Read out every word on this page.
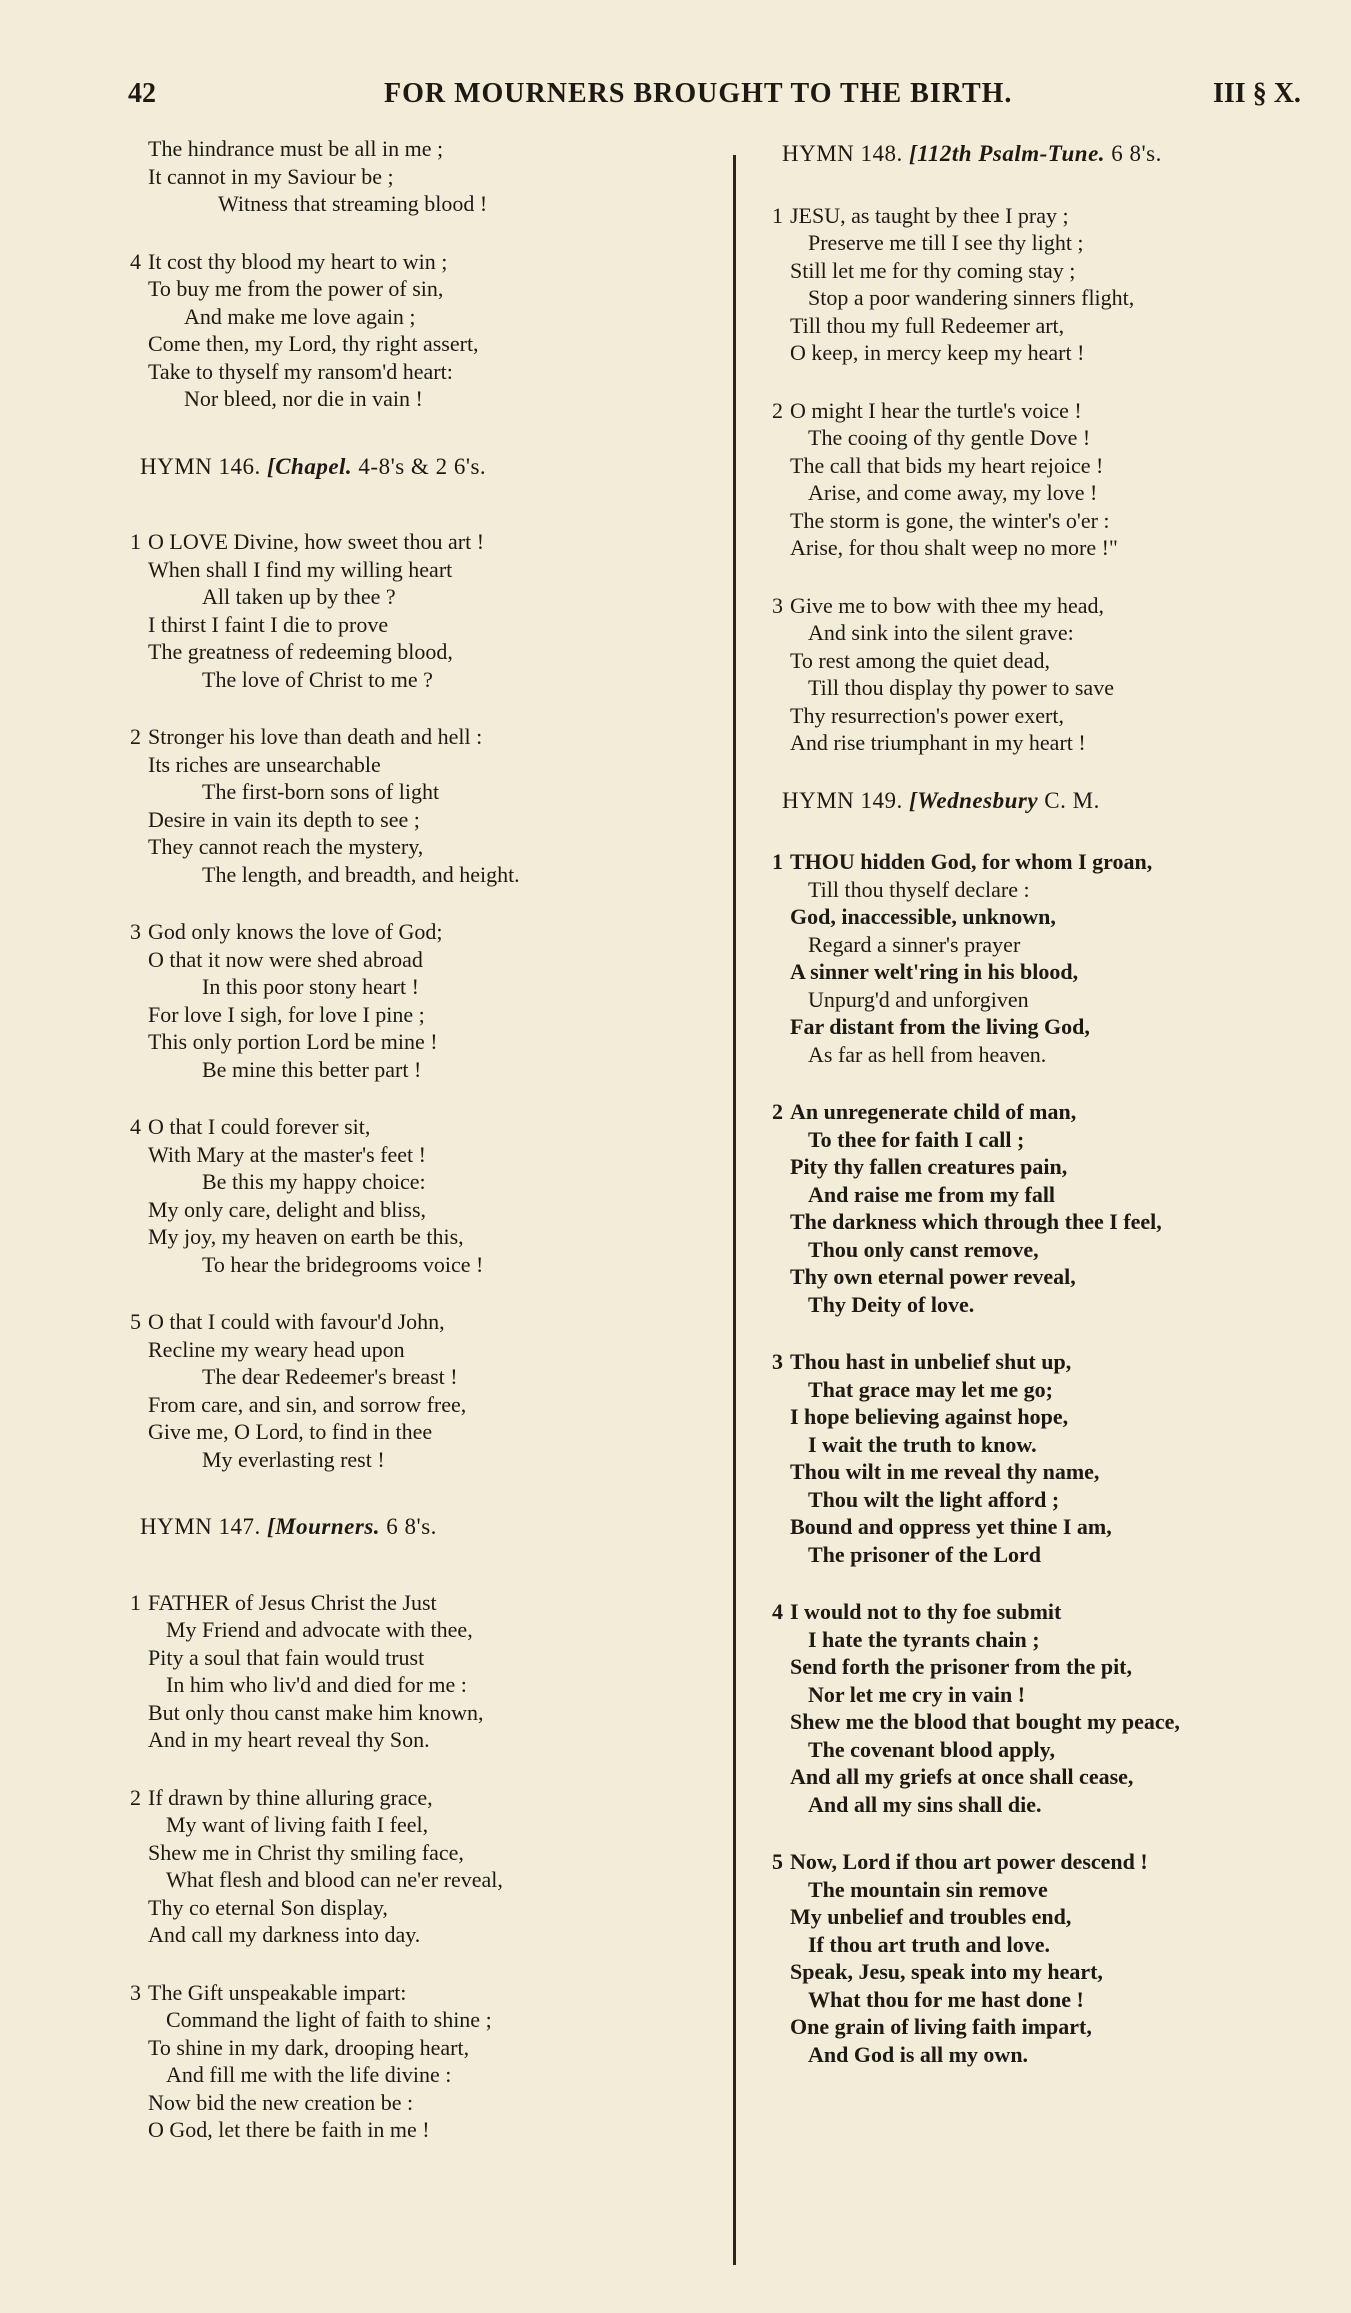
42	FOR MOURNERS BROUGHT TO THE BIRTH.	III § X.
The hindrance must be all in me ;
It cannot in my Saviour be ;
Witness that streaming blood !
4 It cost thy blood my heart to win ;
To buy me from the power of sin,
And make me love again ;
Come then, my Lord, thy right assert,
Take to thyself my ransom'd heart:
Nor bleed, nor die in vain !
HYMN 146. [Chapel. 4-8's & 2 6's.
1 O LOVE Divine, how sweet thou art !
When shall I find my willing heart
All taken up by thee ?
I thirst I faint I die to prove
The greatness of redeeming blood,
The love of Christ to me ?
2 Stronger his love than death and hell :
Its riches are unsearchable
The first-born sons of light
Desire in vain its depth to see ;
They cannot reach the mystery,
The length, and breadth, and height.
3 God only knows the love of God;
O that it now were shed abroad
In this poor stony heart !
For love I sigh, for love I pine ;
This only portion Lord be mine !
Be mine this better part !
4 O that I could forever sit,
With Mary at the master's feet !
Be this my happy choice:
My only care, delight and bliss,
My joy, my heaven on earth be this,
To hear the bridegrooms voice !
5 O that I could with favour'd John,
Recline my weary head upon
The dear Redeemer's breast !
From care, and sin, and sorrow free,
Give me, O Lord, to find in thee
My everlasting rest !
HYMN 147. [Mourners. 6 8's.
1 FATHER of Jesus Christ the Just
My Friend and advocate with thee,
Pity a soul that fain would trust
In him who liv'd and died for me :
But only thou canst make him known,
And in my heart reveal thy Son.
2 If drawn by thine alluring grace,
My want of living faith I feel,
Shew me in Christ thy smiling face,
What flesh and blood can ne'er reveal,
Thy co eternal Son display,
And call my darkness into day.
3 The Gift unspeakable impart:
Command the light of faith to shine ;
To shine in my dark, drooping heart,
And fill me with the life divine :
Now bid the new creation be :
O God, let there be faith in me !
HYMN 148. [112th Psalm-Tune. 6 8's.
1 JESU, as taught by thee I pray ;
Preserve me till I see thy light ;
Still let me for thy coming stay ;
Stop a poor wandering sinners flight,
Till thou my full Redeemer art,
O keep, in mercy keep my heart !
2 O might I hear the turtle's voice !
The cooing of thy gentle Dove !
The call that bids my heart rejoice !
Arise, and come away, my love !
The storm is gone, the winter's o'er :
Arise, for thou shalt weep no more !"
3 Give me to bow with thee my head,
And sink into the silent grave:
To rest among the quiet dead,
Till thou display thy power to save
Thy resurrection's power exert,
And rise triumphant in my heart !
HYMN 149. [Wednesbury C. M.
1 THOU hidden God, for whom I groan,
Till thou thyself declare :
God, inaccessible, unknown,
Regard a sinner's prayer
A sinner welt'ring in his blood,
Unpurg'd and unforgiven
Far distant from the living God,
As far as hell from heaven.
2 An unregenerate child of man,
To thee for faith I call ;
Pity thy fallen creatures pain,
And raise me from my fall
The darkness which through thee I feel,
Thou only canst remove,
Thy own eternal power reveal,
Thy Deity of love.
3 Thou hast in unbelief shut up,
That grace may let me go;
I hope believing against hope,
I wait the truth to know.
Thou wilt in me reveal thy name,
Thou wilt the light afford ;
Bound and oppress yet thine I am,
The prisoner of the Lord
4 I would not to thy foe submit
I hate the tyrants chain ;
Send forth the prisoner from the pit,
Nor let me cry in vain !
Shew me the blood that bought my peace,
The covenant blood apply,
And all my griefs at once shall cease,
And all my sins shall die.
5 Now, Lord if thou art power descend !
The mountain sin remove
My unbelief and troubles end,
If thou art truth and love.
Speak, Jesu, speak into my heart,
What thou for me hast done !
One grain of living faith impart,
And God is all my own.
